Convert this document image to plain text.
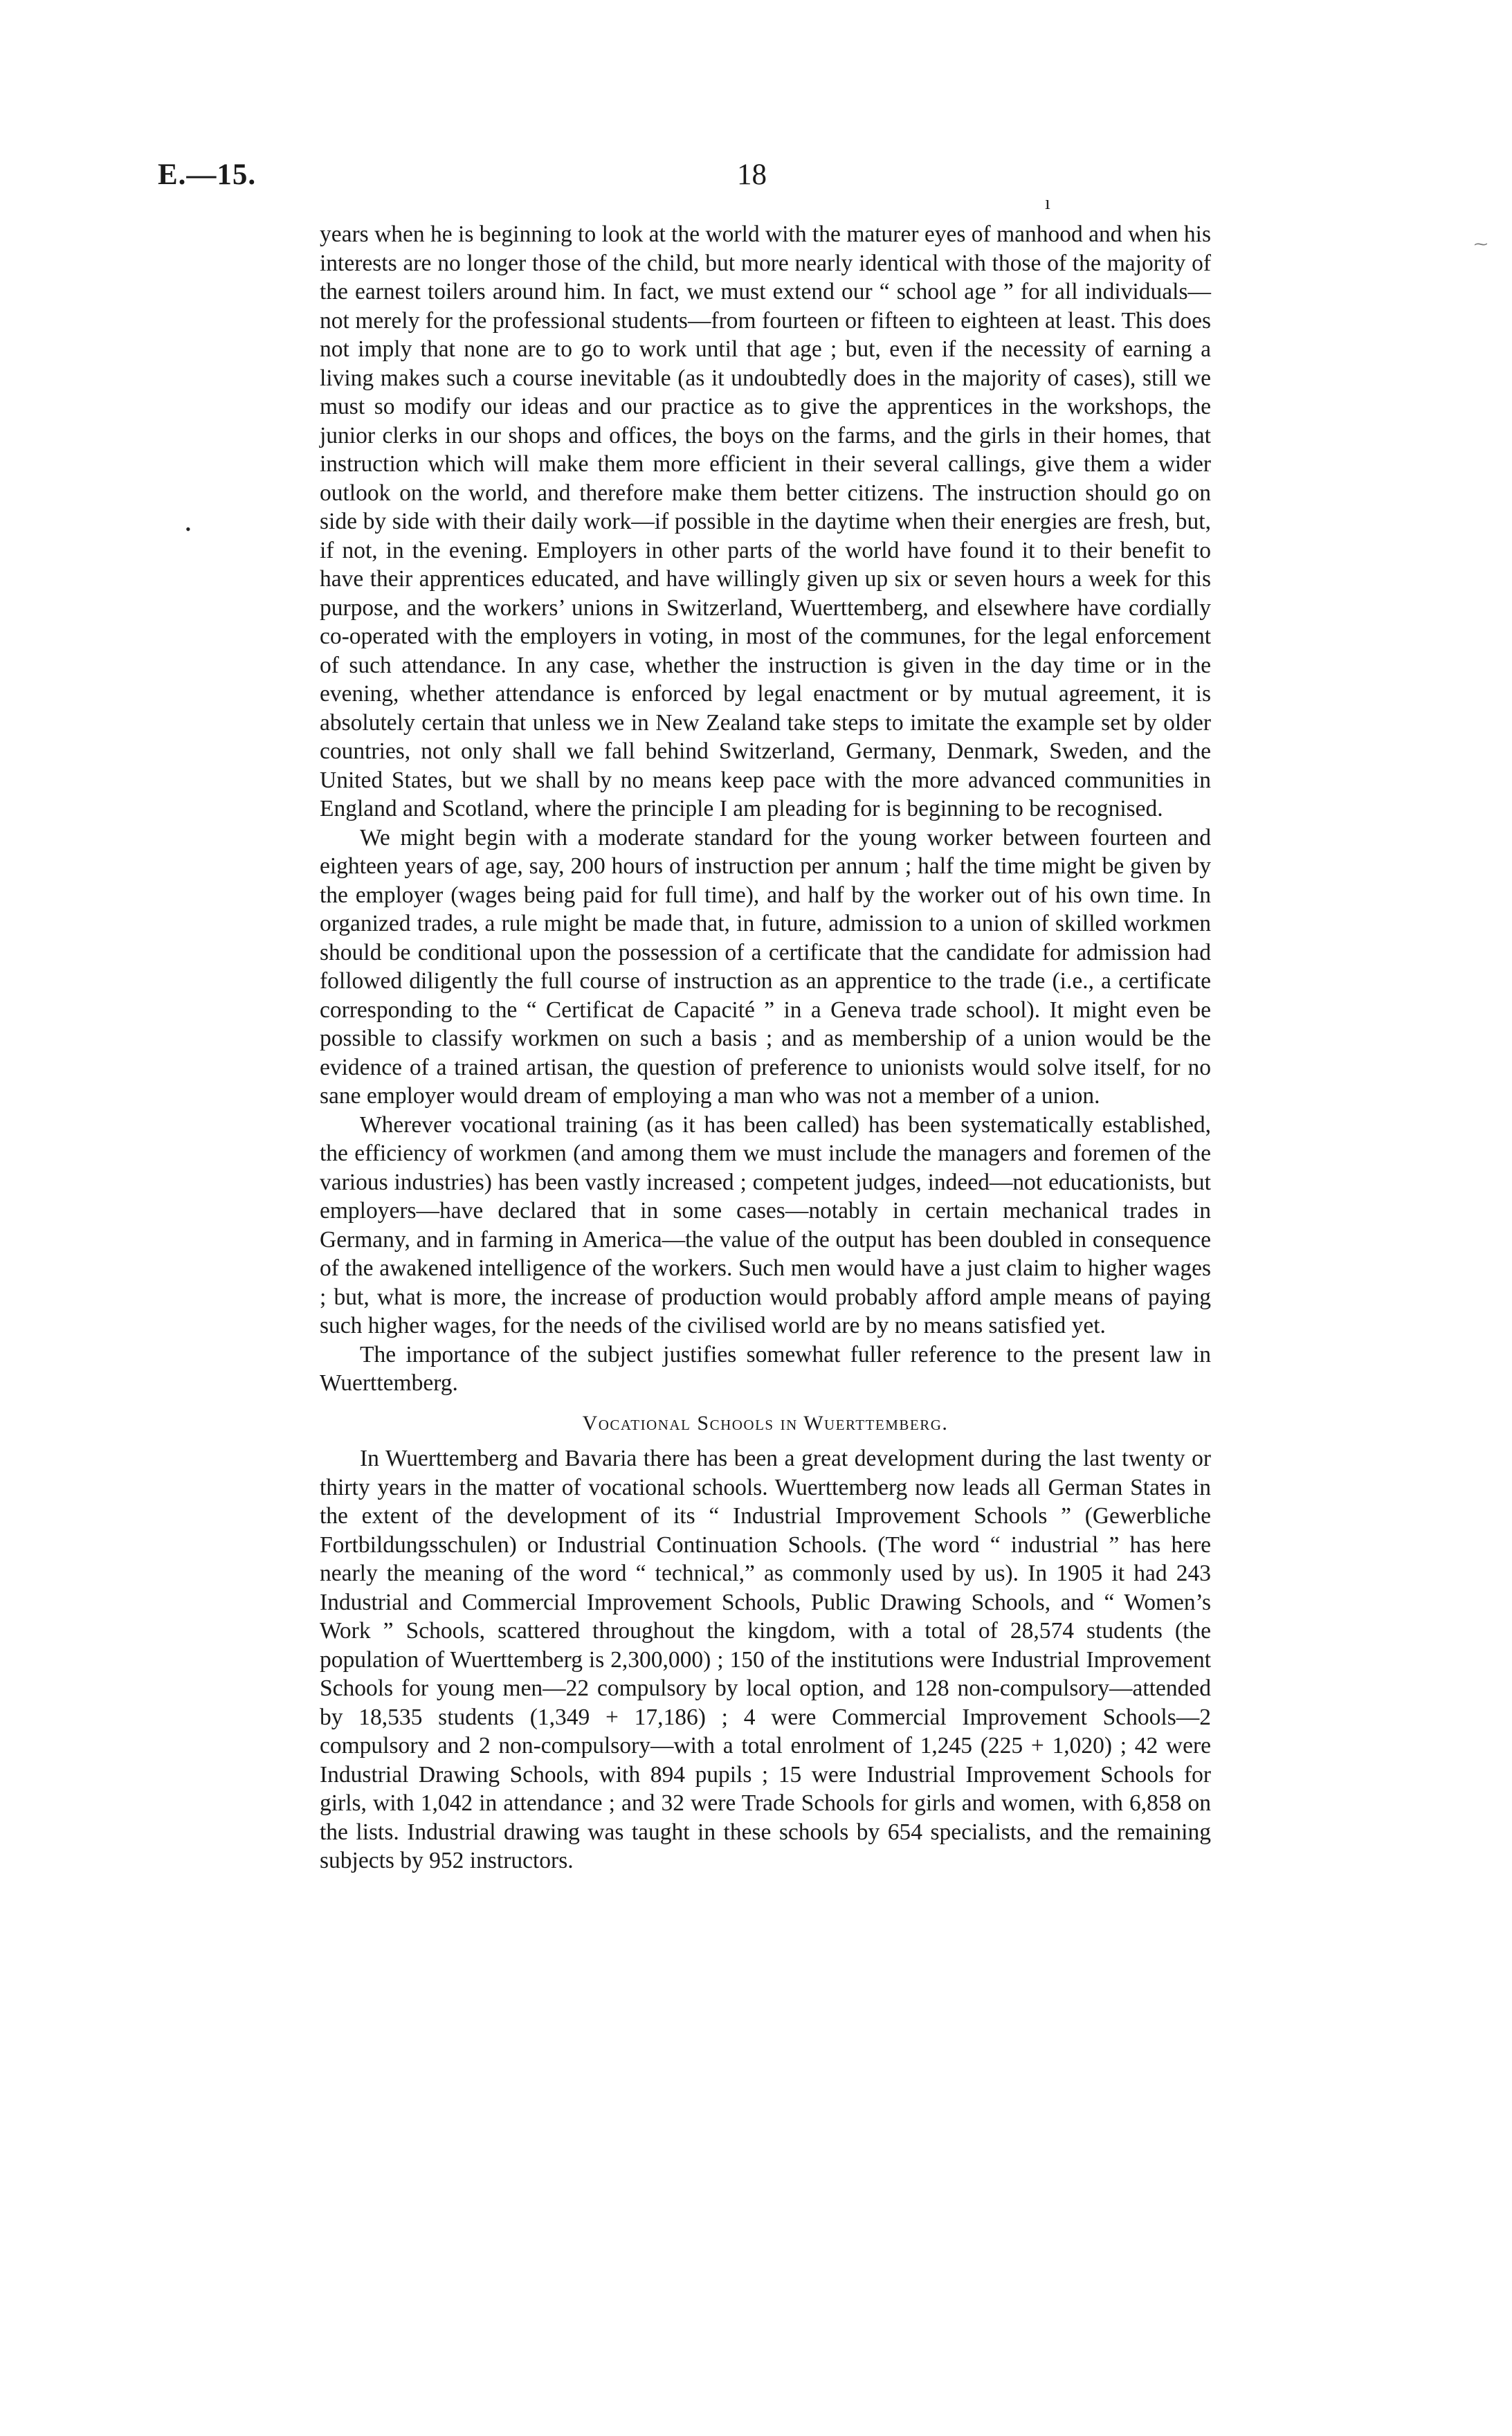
E.—15.	18
ı
⁓
•

years when he is beginning to look at the world with the maturer eyes of manhood and when his interests are no longer those of the child, but more nearly identical with those of the majority of the earnest toilers around him. In fact, we must extend our “ school age ” for all individuals—not merely for the professional students—from fourteen or fifteen to eighteen at least. This does not imply that none are to go to work until that age ; but, even if the necessity of earning a living makes such a course inevitable (as it undoubtedly does in the majority of cases), still we must so modify our ideas and our practice as to give the apprentices in the workshops, the junior clerks in our shops and offices, the boys on the farms, and the girls in their homes, that instruction which will make them more efficient in their several callings, give them a wider outlook on the world, and therefore make them better citizens. The instruction should go on side by side with their daily work—if possible in the daytime when their energies are fresh, but, if not, in the evening. Employers in other parts of the world have found it to their benefit to have their apprentices educated, and have willingly given up six or seven hours a week for this purpose, and the workers’ unions in Switzerland, Wuerttemberg, and elsewhere have cordially co-operated with the employers in voting, in most of the communes, for the legal enforcement of such attendance. In any case, whether the instruction is given in the day time or in the evening, whether attendance is enforced by legal enactment or by mutual agreement, it is absolutely certain that unless we in New Zealand take steps to imitate the example set by older countries, not only shall we fall behind Switzerland, Germany, Denmark, Sweden, and the United States, but we shall by no means keep pace with the more advanced communities in England and Scotland, where the principle I am pleading for is beginning to be recognised.

We might begin with a moderate standard for the young worker between fourteen and eighteen years of age, say, 200 hours of instruction per annum ; half the time might be given by the employer (wages being paid for full time), and half by the worker out of his own time. In organized trades, a rule might be made that, in future, admission to a union of skilled workmen should be conditional upon the possession of a certificate that the candidate for admission had followed diligently the full course of instruction as an apprentice to the trade (i.e., a certificate corresponding to the “ Certificat de Capacité ” in a Geneva trade school). It might even be possible to classify workmen on such a basis ; and as membership of a union would be the evidence of a trained artisan, the question of preference to unionists would solve itself, for no sane employer would dream of employing a man who was not a member of a union.

Wherever vocational training (as it has been called) has been systematically established, the efficiency of workmen (and among them we must include the managers and foremen of the various industries) has been vastly increased ; competent judges, indeed—not educationists, but employers—have declared that in some cases—notably in certain mechanical trades in Germany, and in farming in America—the value of the output has been doubled in consequence of the awakened intelligence of the workers. Such men would have a just claim to higher wages ; but, what is more, the increase of production would probably afford ample means of paying such higher wages, for the needs of the civilised world are by no means satisfied yet.

The importance of the subject justifies somewhat fuller reference to the present law in Wuerttemberg.

Vocational Schools in Wuerttemberg.

In Wuerttemberg and Bavaria there has been a great development during the last twenty or thirty years in the matter of vocational schools. Wuerttemberg now leads all German States in the extent of the development of its “ Industrial Improvement Schools ” (Gewerbliche Fortbildungsschulen) or Industrial Continuation Schools. (The word “ industrial ” has here nearly the meaning of the word “ technical,” as commonly used by us). In 1905 it had 243 Industrial and Commercial Improvement Schools, Public Drawing Schools, and “ Women’s Work ” Schools, scattered throughout the kingdom, with a total of 28,574 students (the population of Wuerttemberg is 2,300,000) ; 150 of the institutions were Industrial Improvement Schools for young men—22 compulsory by local option, and 128 non-compulsory—attended by 18,535 students (1,349 + 17,186) ; 4 were Commercial Improvement Schools—2 compulsory and 2 non-compulsory—with a total enrolment of 1,245 (225 + 1,020) ; 42 were Industrial Drawing Schools, with 894 pupils ; 15 were Industrial Improvement Schools for girls, with 1,042 in attendance ; and 32 were Trade Schools for girls and women, with 6,858 on the lists. Industrial drawing was taught in these schools by 654 specialists, and the remaining subjects by 952 instructors.
